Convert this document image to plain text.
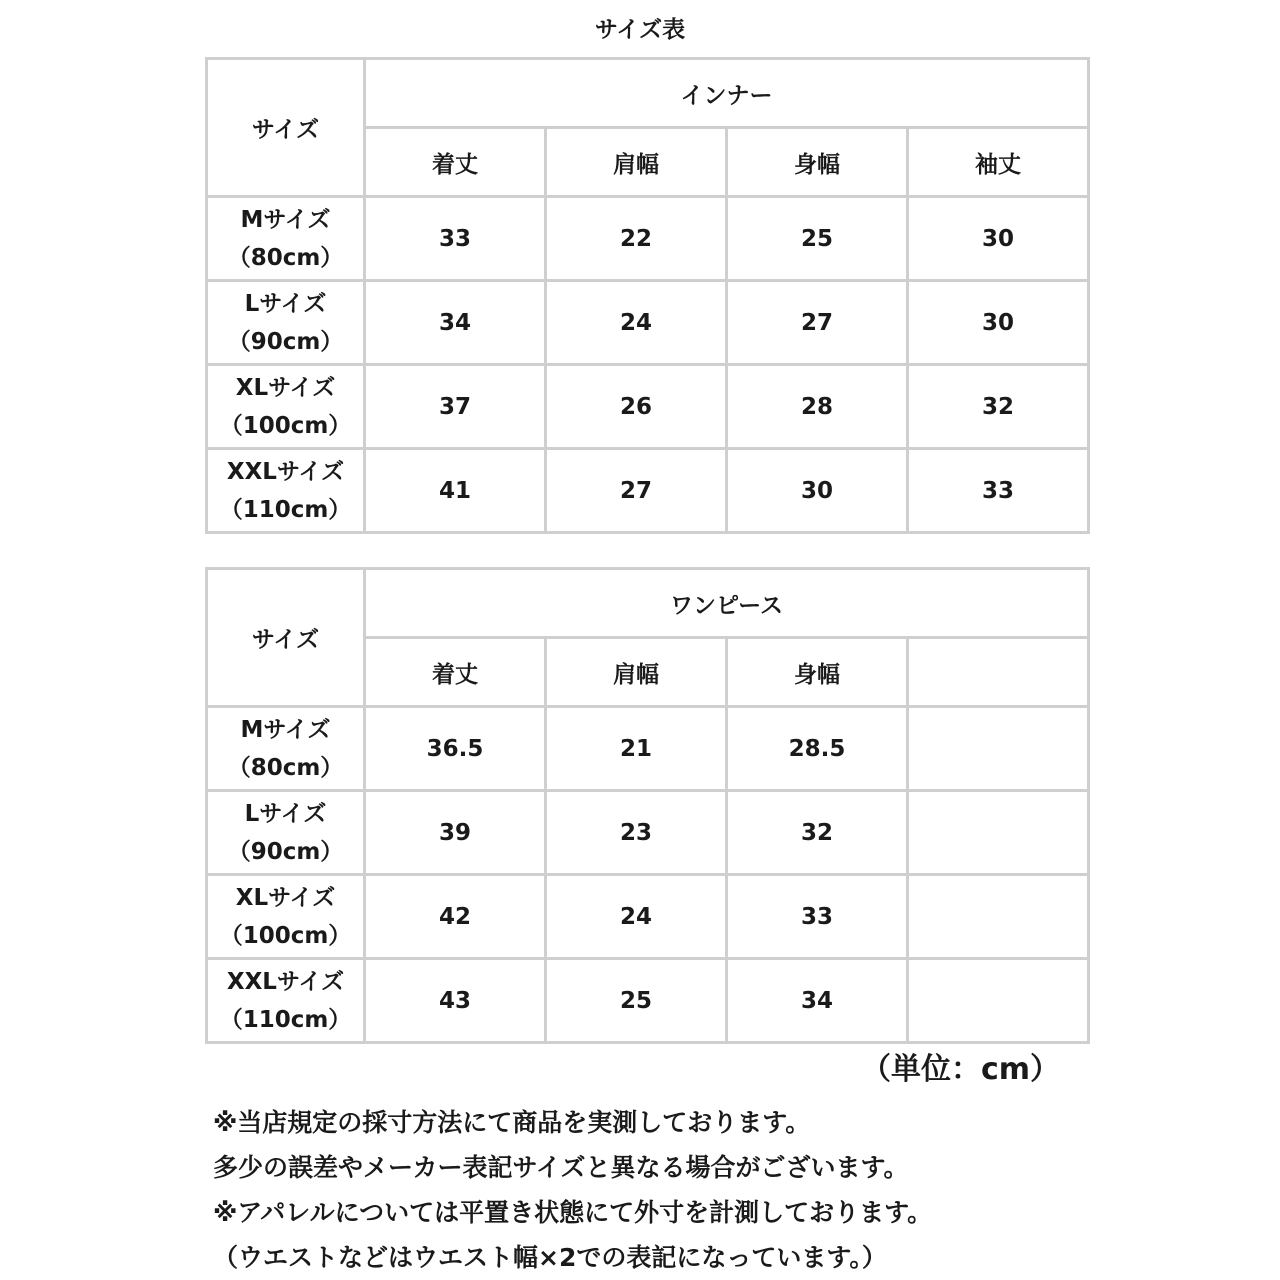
サイズ表
サイズ	インナー			
	着丈	肩幅	身幅	袖丈

Mサイズ
（80cm）	33	22	25	30

Lサイズ
（90cm）	34	24	27	30

XLサイズ
（100cm）	37	26	28	32

XXLサイズ
（110cm）	41	27	30	33
サイズ	ワンピース			
	着丈	肩幅	身幅	

Mサイズ
（80cm）	36.5	21	28.5	

Lサイズ
（90cm）	39	23	32	

XLサイズ
（100cm）	42	24	33	

XXLサイズ
（110cm）	43	25	34	
（単位：cm）
※当店規定の採寸方法にて商品を実測しております。
多少の誤差やメーカー表記サイズと異なる場合がございます。
※アパレルについては平置き状態にて外寸を計測しております。
（ウエストなどはウエスト幅×2での表記になっています。）
